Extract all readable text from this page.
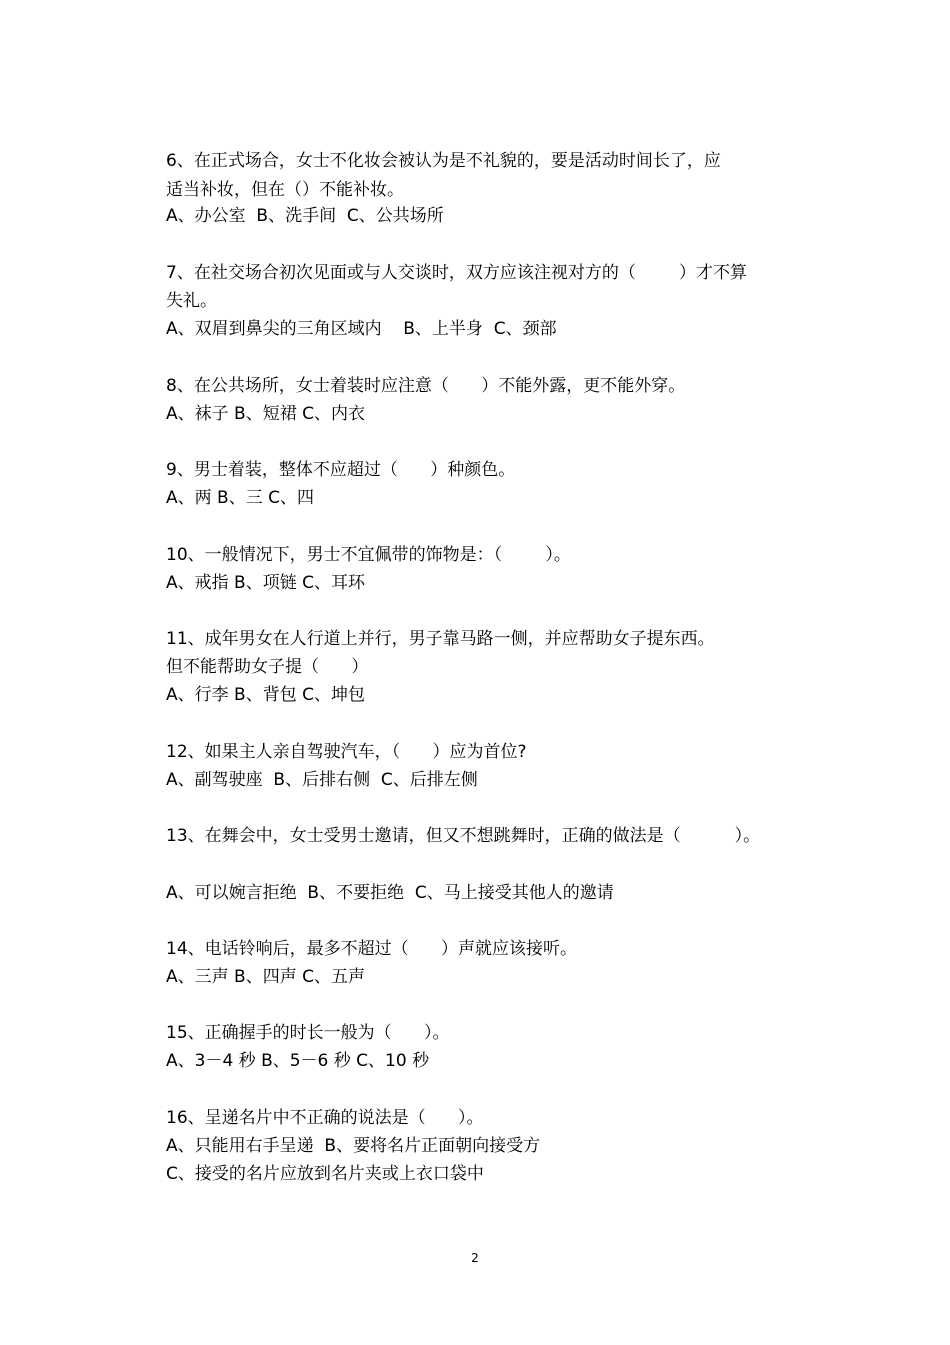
6、在正式场合，女士不化妆会被认为是不礼貌的，要是活动时间长了，应
适当补妆，但在（）不能补妆。
A、办公室  B、洗手间  C、公共场所
7、在社交场合初次见面或与人交谈时，双方应该注视对方的（        ）才不算
失礼。
A、双眉到鼻尖的三角区域内    B、上半身  C、颈部
8、在公共场所，女士着装时应注意（      ）不能外露，更不能外穿。
A、袜子 B、短裙 C、内衣
9、男士着装，整体不应超过（      ）种颜色。
A、两 B、三 C、四
10、一般情况下，男士不宜佩带的饰物是：（        ）。
A、戒指 B、项链 C、耳环
11、成年男女在人行道上并行，男子靠马路一侧，并应帮助女子提东西。
但不能帮助女子提（      ）
A、行李 B、背包 C、坤包
12、如果主人亲自驾驶汽车，（      ）应为首位?
A、副驾驶座  B、后排右侧  C、后排左侧
13、在舞会中，女士受男士邀请，但又不想跳舞时，正确的做法是（          ）。
A、可以婉言拒绝  B、不要拒绝  C、马上接受其他人的邀请
14、电话铃响后，最多不超过（      ）声就应该接听。
A、三声 B、四声 C、五声
15、正确握手的时长一般为（      ）。
A、3－4 秒 B、5－6 秒 C、10 秒
16、呈递名片中不正确的说法是（      ）。
A、只能用右手呈递  B、要将名片正面朝向接受方
C、接受的名片应放到名片夹或上衣口袋中
2
